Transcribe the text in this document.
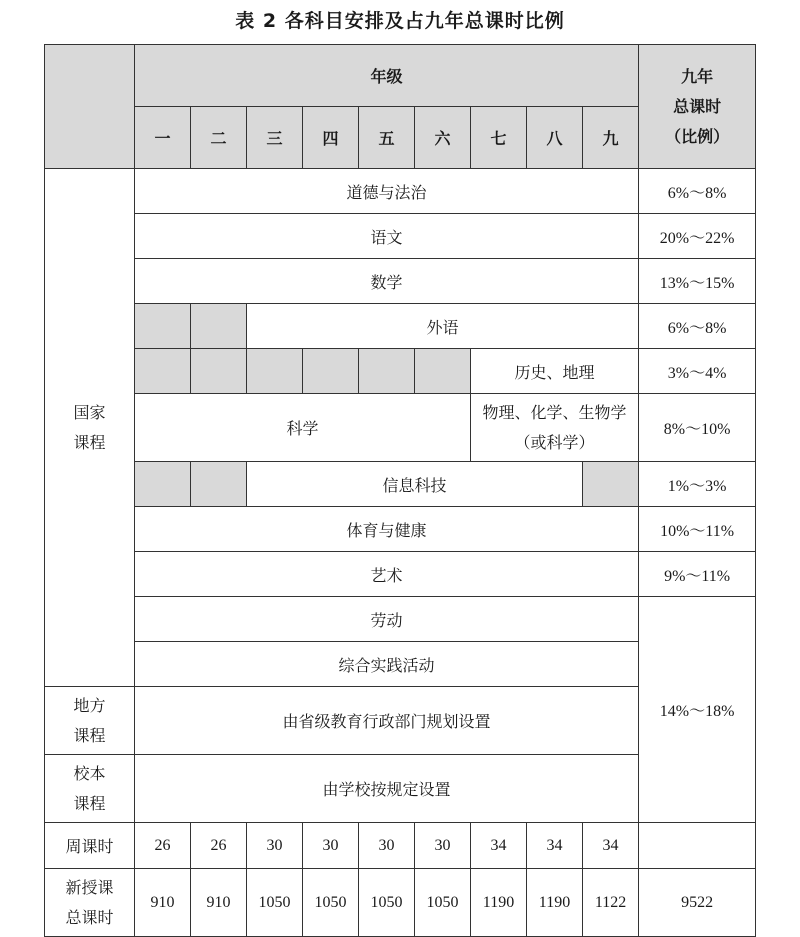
表 2 各科目安排及占九年总课时比例
	年级									九年
总课时
（比例）

	一	二	三	四	五	六	七	八	九	

国家
课程	道德与法治									6%～8%
	语文									20%～22%
	数学									13%～15%
			外语							6%～8%
							历史、地理			3%～4%
	科学						物理、化学、生物学（或科学）			8%～10%
			信息科技							1%～3%
	体育与健康									10%～11%
	艺术									9%～11%
	劳动									14%～18%
	综合实践活动									

地方
课程	由省级教育行政部门规划设置									

校本
课程	由学校按规定设置									
周课时	26	26	30	30	30	30	34	34	34	

新授课
总课时	910	910	1050	1050	1050	1050	1190	1190	1122	9522
